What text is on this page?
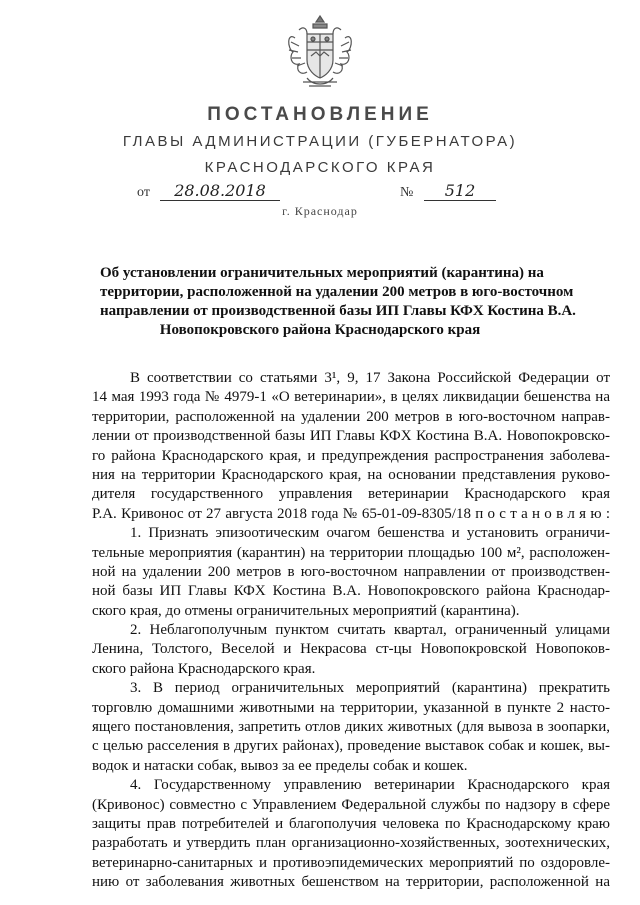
ПОСТАНОВЛЕНИЕ
ГЛАВЫ АДМИНИСТРАЦИИ (ГУБЕРНАТОРА)
КРАСНОДАРСКОГО КРАЯ
от	28.08.2018	№	512
г. Краснодар
Об установлении ограничительных мероприятий (карантина) на
территории, расположенной на удалении 200 метров в юго-восточном
направлении от производственной базы ИП Главы КФХ Костина В.А.
Новопокровского района Краснодарского края
В соответствии со статьями 3¹, 9, 17 Закона Российской Федерации от
14 мая 1993 года № 4979-1 «О ветеринарии», в целях ликвидации бешенства на
территории, расположенной на удалении 200 метров в юго-восточном направ-
лении от производственной базы ИП Главы КФХ Костина В.А. Новопокровско-
го района Краснодарского края, и предупреждения распространения заболева-
ния на территории Краснодарского края, на основании представления руково-
дителя государственного управления ветеринарии Краснодарского края
Р.А. Кривонос от 27 августа 2018 года № 65-01-09-8305/18 п о с т а н о в л я ю :
1. Признать эпизоотическим очагом бешенства и установить ограничи-
тельные мероприятия (карантин) на территории площадью 100 м², расположен-
ной на удалении 200 метров в юго-восточном направлении от производствен-
ной базы ИП Главы КФХ Костина В.А. Новопокровского района Краснодар-
ского края, до отмены ограничительных мероприятий (карантина).
2. Неблагополучным пунктом считать квартал, ограниченный улицами
Ленина, Толстого, Веселой и Некрасова ст-цы Новопокровской Новопоков-
ского района Краснодарского края.
3. В период ограничительных мероприятий (карантина) прекратить
торговлю домашними животными на территории, указанной в пункте 2 насто-
ящего постановления, запретить отлов диких животных (для вывоза в зоопарки,
с целью расселения в других районах), проведение выставок собак и кошек, вы-
водок и натаски собак, вывоз за ее пределы собак и кошек.
4. Государственному управлению ветеринарии Краснодарского края
(Кривонос) совместно с Управлением Федеральной службы по надзору в сфере
защиты прав потребителей и благополучия человека по Краснодарскому краю
разработать и утвердить план организационно-хозяйственных, зоотехнических,
ветеринарно-санитарных и противоэпидемических мероприятий по оздоровле-
нию от заболевания животных бешенством на территории, расположенной на
